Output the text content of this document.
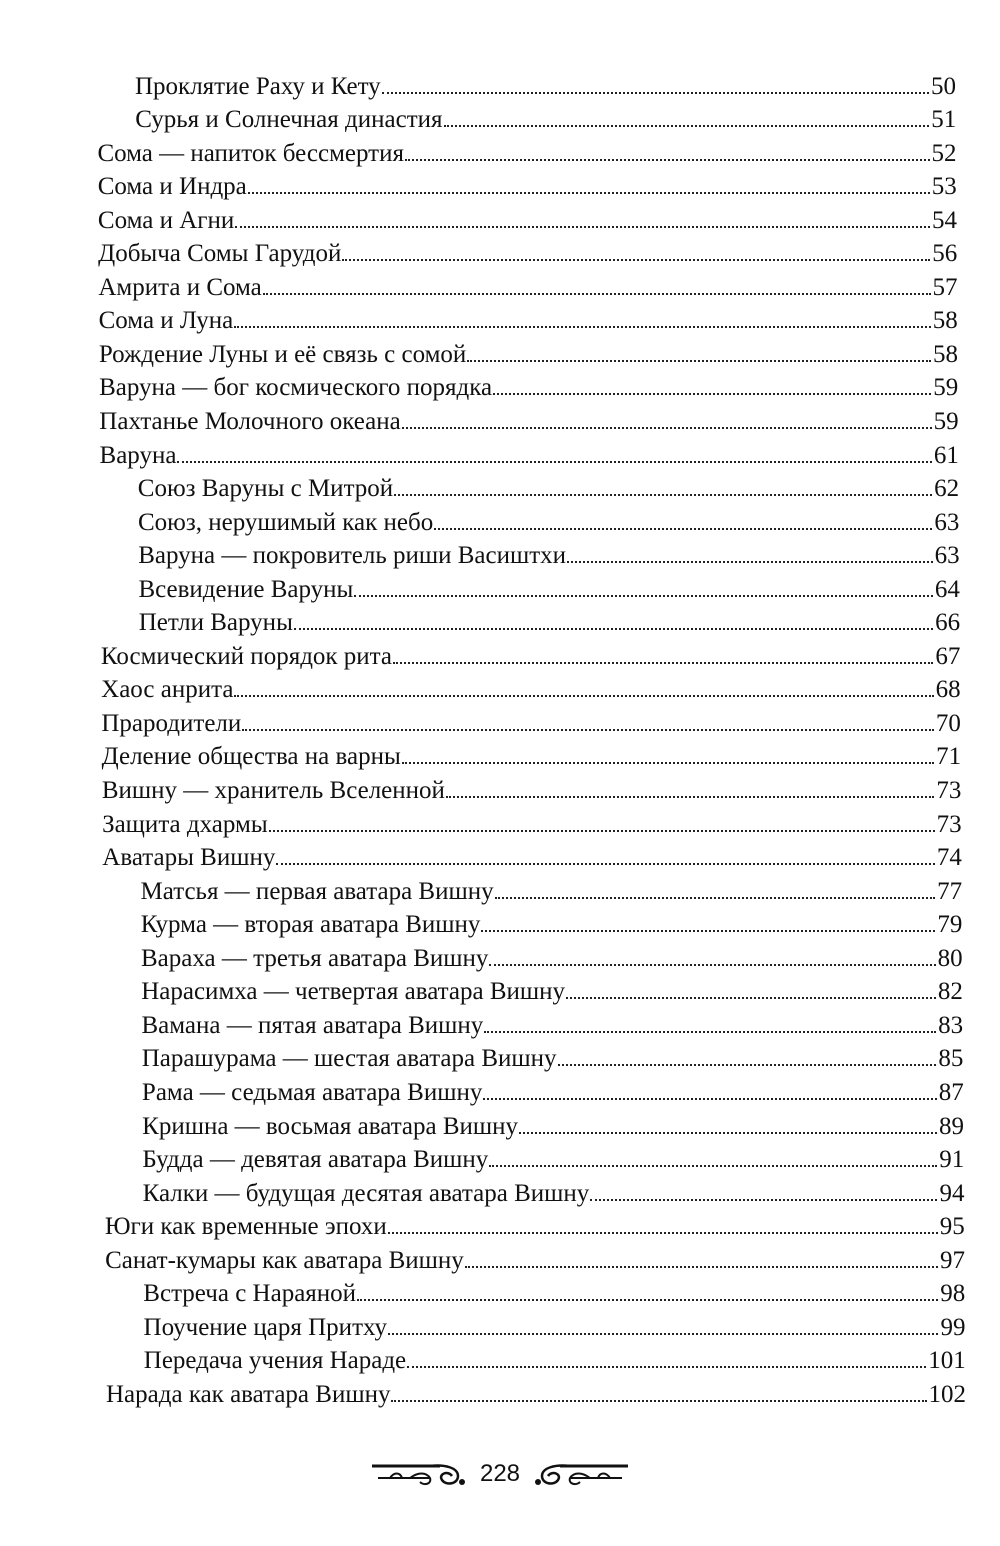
Проклятие Раху и Кету	50
Сурья и Солнечная династия	51
Сома — напиток бессмертия	52
Сома и Индра	53
Сома и Агни	54
Добыча Сомы Гарудой	56
Амрита и Сома	57
Сома и Луна	58
Рождение Луны и её связь с сомой	58
Варуна — бог космического порядка	59
Пахтанье Молочного океана	59
Варуна	61
Союз Варуны с Митрой	62
Союз, нерушимый как небо	63
Варуна — покровитель риши Васиштхи	63
Всевидение Варуны	64
Петли Варуны	66
Космический порядок рита	67
Хаос анрита	68
Прародители	70
Деление общества на варны	71
Вишну — хранитель Вселенной	73
Защита дхармы	73
Аватары Вишну	74
Матсья — первая аватара Вишну	77
Курма — вторая аватара Вишну	79
Вараха — третья аватара Вишну	80
Нарасимха — четвертая аватара Вишну	82
Вамана — пятая аватара Вишну	83
Парашурама — шестая аватара Вишну	85
Рама — седьмая аватара Вишну	87
Кришна — восьмая аватара Вишну	89
Будда — девятая аватара Вишну	91
Калки — будущая десятая аватара Вишну	94
Юги как временные эпохи	95
Санат-кумары как аватара Вишну	97
Встреча с Нараяной	98
Поучение царя Притху	99
Передача учения Нараде	101
Нарада как аватара Вишну	102
228
